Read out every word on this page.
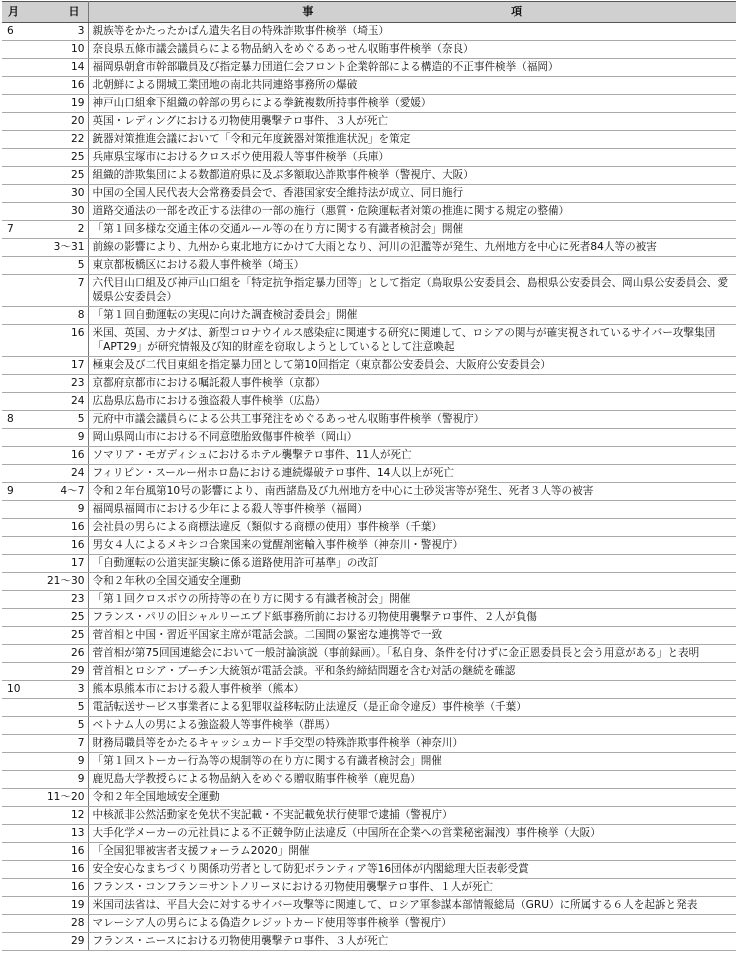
月	日	事 項
6	3	親族等をかたったかばん遺失名目の特殊詐欺事件検挙（埼玉）
	10	奈良県五條市議会議員らによる物品納入をめぐるあっせん収賄事件検挙（奈良）
	14	福岡県朝倉市幹部職員及び指定暴力団道仁会フロント企業幹部による構造的不正事件検挙（福岡）
	16	北朝鮮による開城工業団地の南北共同連絡事務所の爆破
	19	神戸山口組傘下組織の幹部の男らによる拳銃複数所持事件検挙（愛媛）
	20	英国・レディングにおける刃物使用襲撃テロ事件、３人が死亡
	22	銃器対策推進会議において「令和元年度銃器対策推進状況」を策定
	25	兵庫県宝塚市におけるクロスボウ使用殺人等事件検挙（兵庫）
	25	組織的詐欺集団による数都道府県に及ぶ多額取込詐欺事件検挙（警視庁、大阪）
	30	中国の全国人民代表大会常務委員会で、香港国家安全維持法が成立、同日施行
	30	道路交通法の一部を改正する法律の一部の施行（悪質・危険運転者対策の推進に関する規定の整備）
7	2	「第１回多様な交通主体の交通ルール等の在り方に関する有識者検討会」開催
	3～31	前線の影響により、九州から東北地方にかけて大雨となり、河川の氾濫等が発生、九州地方を中心に死者84人等の被害
	5	東京都板橋区における殺人事件検挙（埼玉）
	7	六代目山口組及び神戸山口組を「特定抗争指定暴力団等」として指定（鳥取県公安委員会、島根県公安委員会、岡山県公安委員会、愛媛県公安委員会）
	8	「第１回自動運転の実現に向けた調査検討委員会」開催
	16	米国、英国、カナダは、新型コロナウイルス感染症に関連する研究に関連して、ロシアの関与が確実視されているサイバー攻撃集団「APT29」が研究情報及び知的財産を窃取しようとしているとして注意喚起
	17	極東会及び二代目東組を指定暴力団として第10回指定（東京都公安委員会、大阪府公安委員会）
	23	京都府京都市における嘱託殺人事件検挙（京都）
	24	広島県広島市における強盗殺人事件検挙（広島）
8	5	元府中市議会議員らによる公共工事発注をめぐるあっせん収賄事件検挙（警視庁）
	9	岡山県岡山市における不同意堕胎致傷事件検挙（岡山）
	16	ソマリア・モガディシュにおけるホテル襲撃テロ事件、11人が死亡
	24	フィリピン・スールー州ホロ島における連続爆破テロ事件、14人以上が死亡
9	4～7	令和２年台風第10号の影響により、南西諸島及び九州地方を中心に土砂災害等が発生、死者３人等の被害
	9	福岡県福岡市における少年による殺人等事件検挙（福岡）
	16	会社員の男らによる商標法違反（類似する商標の使用）事件検挙（千葉）
	16	男女４人によるメキシコ合衆国来の覚醒剤密輸入事件検挙（神奈川・警視庁）
	17	「自動運転の公道実証実験に係る道路使用許可基準」の改訂
	21～30	令和２年秋の全国交通安全運動
	23	「第１回クロスボウの所持等の在り方に関する有識者検討会」開催
	25	フランス・パリの旧シャルリーエブド紙事務所前における刃物使用襲撃テロ事件、２人が負傷
	25	菅首相と中国・習近平国家主席が電話会談。二国間の緊密な連携等で一致
	26	菅首相が第75回国連総会において一般討論演説（事前録画）。「私自身、条件を付けずに金正恩委員長と会う用意がある」と表明
	29	菅首相とロシア・プーチン大統領が電話会談。平和条約締結問題を含む対話の継続を確認
10	3	熊本県熊本市における殺人事件検挙（熊本）
	5	電話転送サービス事業者による犯罪収益移転防止法違反（是正命令違反）事件検挙（千葉）
	5	ベトナム人の男による強盗殺人等事件検挙（群馬）
	7	財務局職員等をかたるキャッシュカード手交型の特殊詐欺事件検挙（神奈川）
	9	「第１回ストーカー行為等の規制等の在り方に関する有識者検討会」開催
	9	鹿児島大学教授らによる物品納入をめぐる贈収賄事件検挙（鹿児島）
	11～20	令和２年全国地域安全運動
	12	中核派非公然活動家を免状不実記載・不実記載免状行使罪で逮捕（警視庁）
	13	大手化学メーカーの元社員による不正競争防止法違反（中国所在企業への営業秘密漏洩）事件検挙（大阪）
	16	「全国犯罪被害者支援フォーラム2020」開催
	16	安全安心なまちづくり関係功労者として防犯ボランティア等16団体が内閣総理大臣表彰受賞
	16	フランス・コンフラン＝サントノリーヌにおける刃物使用襲撃テロ事件、１人が死亡
	19	米国司法省は、平昌大会に対するサイバー攻撃等に関連して、ロシア軍参謀本部情報総局（GRU）に所属する６人を起訴と発表
	28	マレーシア人の男らによる偽造クレジットカード使用等事件検挙（警視庁）
	29	フランス・ニースにおける刃物使用襲撃テロ事件、３人が死亡
